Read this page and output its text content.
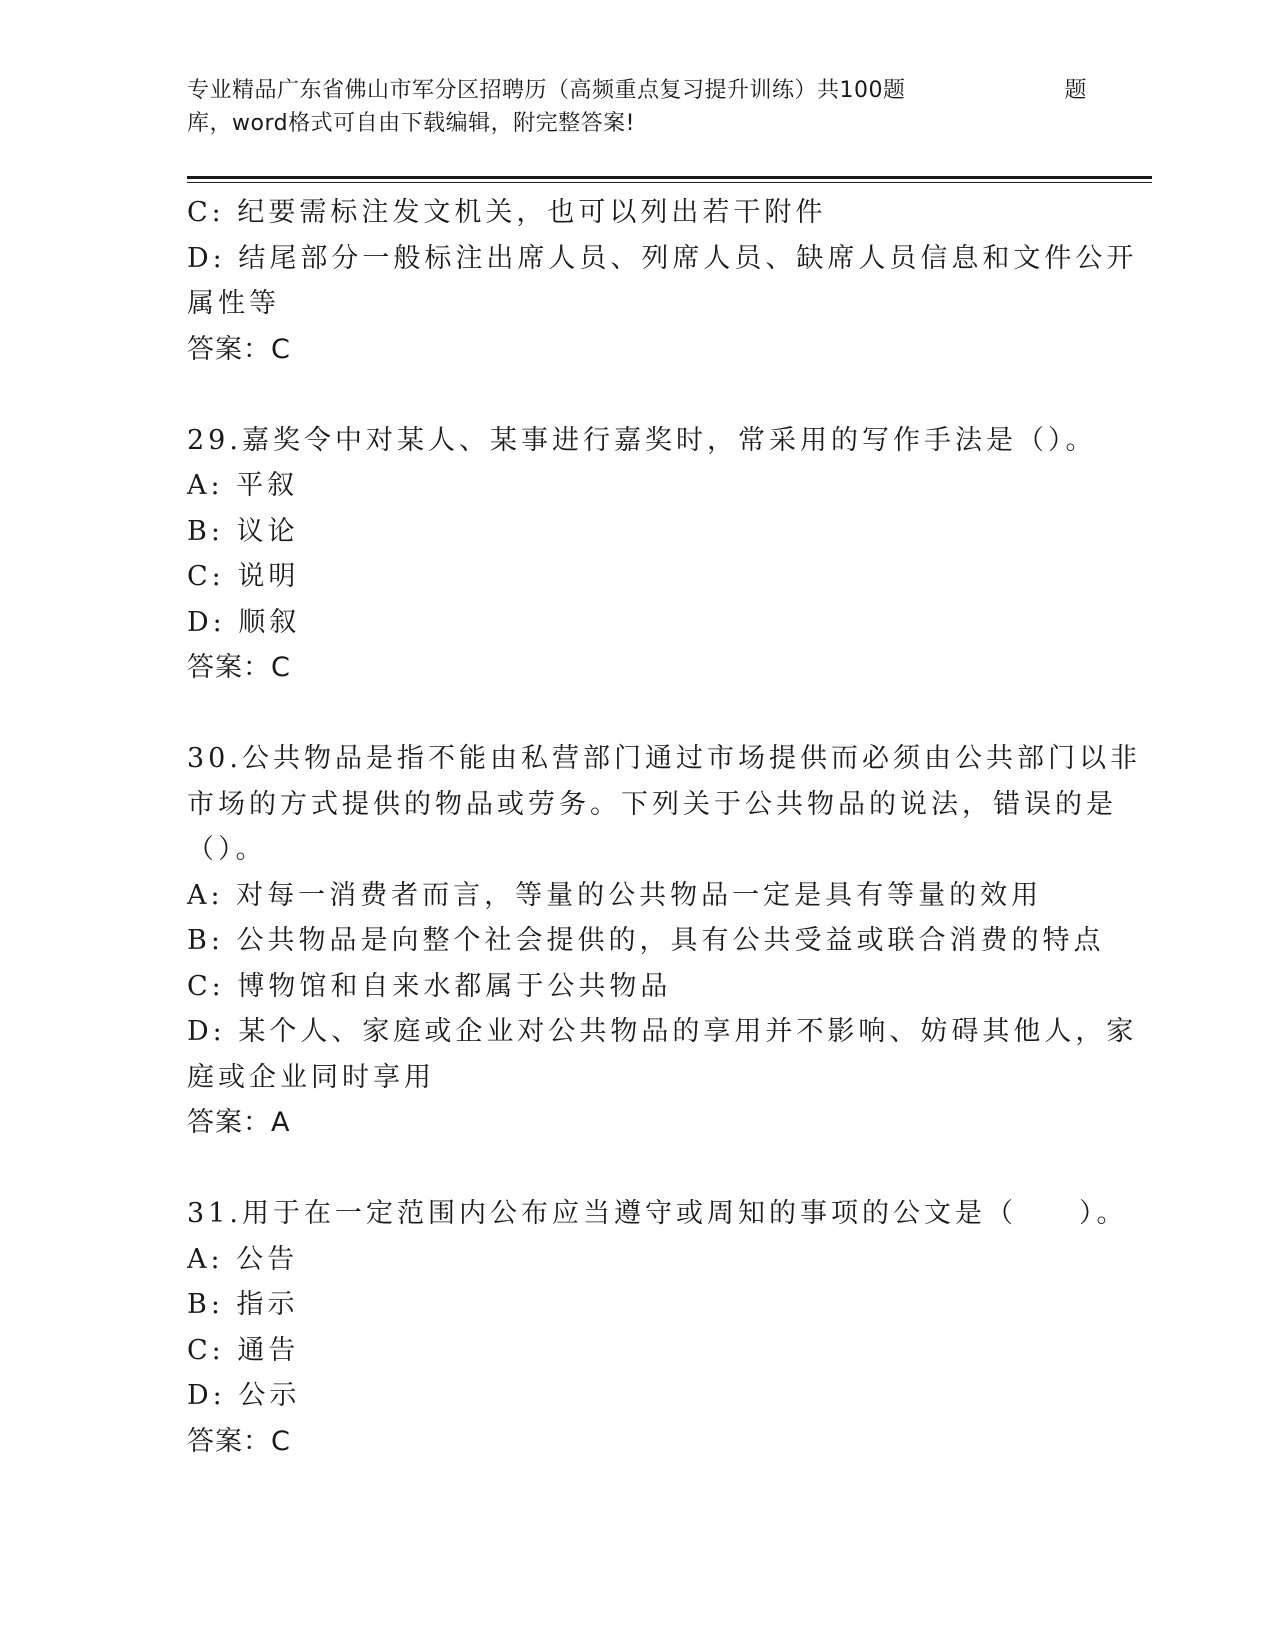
专业精品广东省佛山市军分区招聘历（高频重点复习提升训练）共100题	题
库，word格式可自由下载编辑，附完整答案!
C: 纪要需标注发文机关，也可以列出若干附件
D: 结尾部分一般标注出席人员、列席人员、缺席人员信息和文件公开
属性等
答案：C
29.嘉奖令中对某人、某事进行嘉奖时，常采用的写作手法是（）。
A: 平叙
B: 议论
C: 说明
D: 顺叙
答案：C
30.公共物品是指不能由私营部门通过市场提供而必须由公共部门以非
市场的方式提供的物品或劳务。下列关于公共物品的说法，错误的是
（）。
A: 对每一消费者而言，等量的公共物品一定是具有等量的效用
B: 公共物品是向整个社会提供的，具有公共受益或联合消费的特点
C: 博物馆和自来水都属于公共物品
D: 某个人、家庭或企业对公共物品的享用并不影响、妨碍其他人，家
庭或企业同时享用
答案：A
31.用于在一定范围内公布应当遵守或周知的事项的公文是（　　）。
A: 公告
B: 指示
C: 通告
D: 公示
答案：C
